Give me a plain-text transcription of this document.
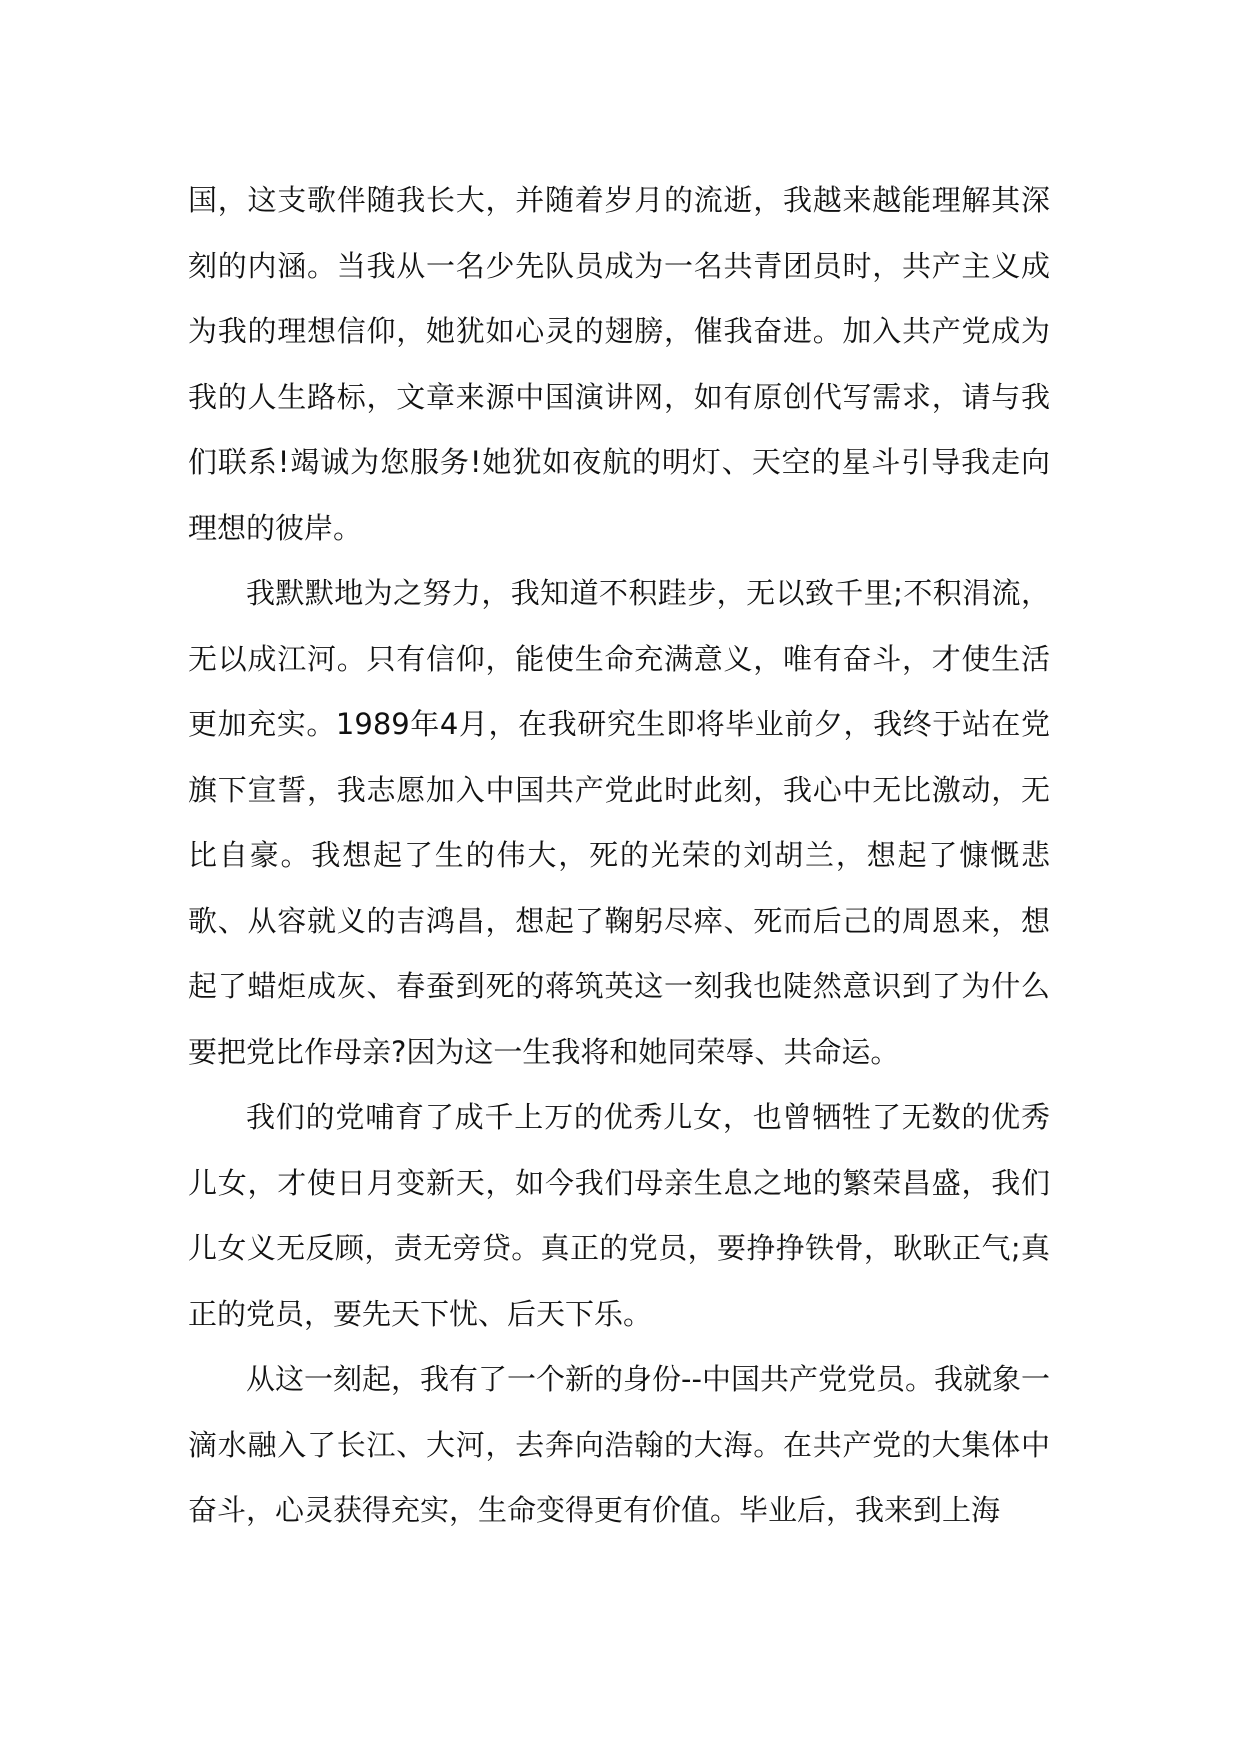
国，这支歌伴随我长大，并随着岁月的流逝，我越来越能理解其深刻的内涵。当我从一名少先队员成为一名共青团员时，共产主义成为我的理想信仰，她犹如心灵的翅膀，催我奋进。加入共产党成为我的人生路标，文章来源中国演讲网，如有原创代写需求，请与我们联系!竭诚为您服务!她犹如夜航的明灯、天空的星斗引导我走向理想的彼岸。

我默默地为之努力，我知道不积跬步，无以致千里;不积涓流，无以成江河。只有信仰，能使生命充满意义，唯有奋斗，才使生活更加充实。1989年4月，在我研究生即将毕业前夕，我终于站在党旗下宣誓，我志愿加入中国共产党此时此刻，我心中无比激动，无比自豪。我想起了生的伟大，死的光荣的刘胡兰，想起了慷慨悲歌、从容就义的吉鸿昌，想起了鞠躬尽瘁、死而后己的周恩来，想起了蜡炬成灰、春蚕到死的蒋筑英这一刻我也陡然意识到了为什么要把党比作母亲?因为这一生我将和她同荣辱、共命运。

我们的党哺育了成千上万的优秀儿女，也曾牺牲了无数的优秀儿女，才使日月变新天，如今我们母亲生息之地的繁荣昌盛，我们儿女义无反顾，责无旁贷。真正的党员，要挣挣铁骨，耿耿正气;真正的党员，要先天下忧、后天下乐。

从这一刻起，我有了一个新的身份--中国共产党党员。我就象一滴水融入了长江、大河，去奔向浩翰的大海。在共产党的大集体中奋斗，心灵获得充实，生命变得更有价值。毕业后，我来到上海
